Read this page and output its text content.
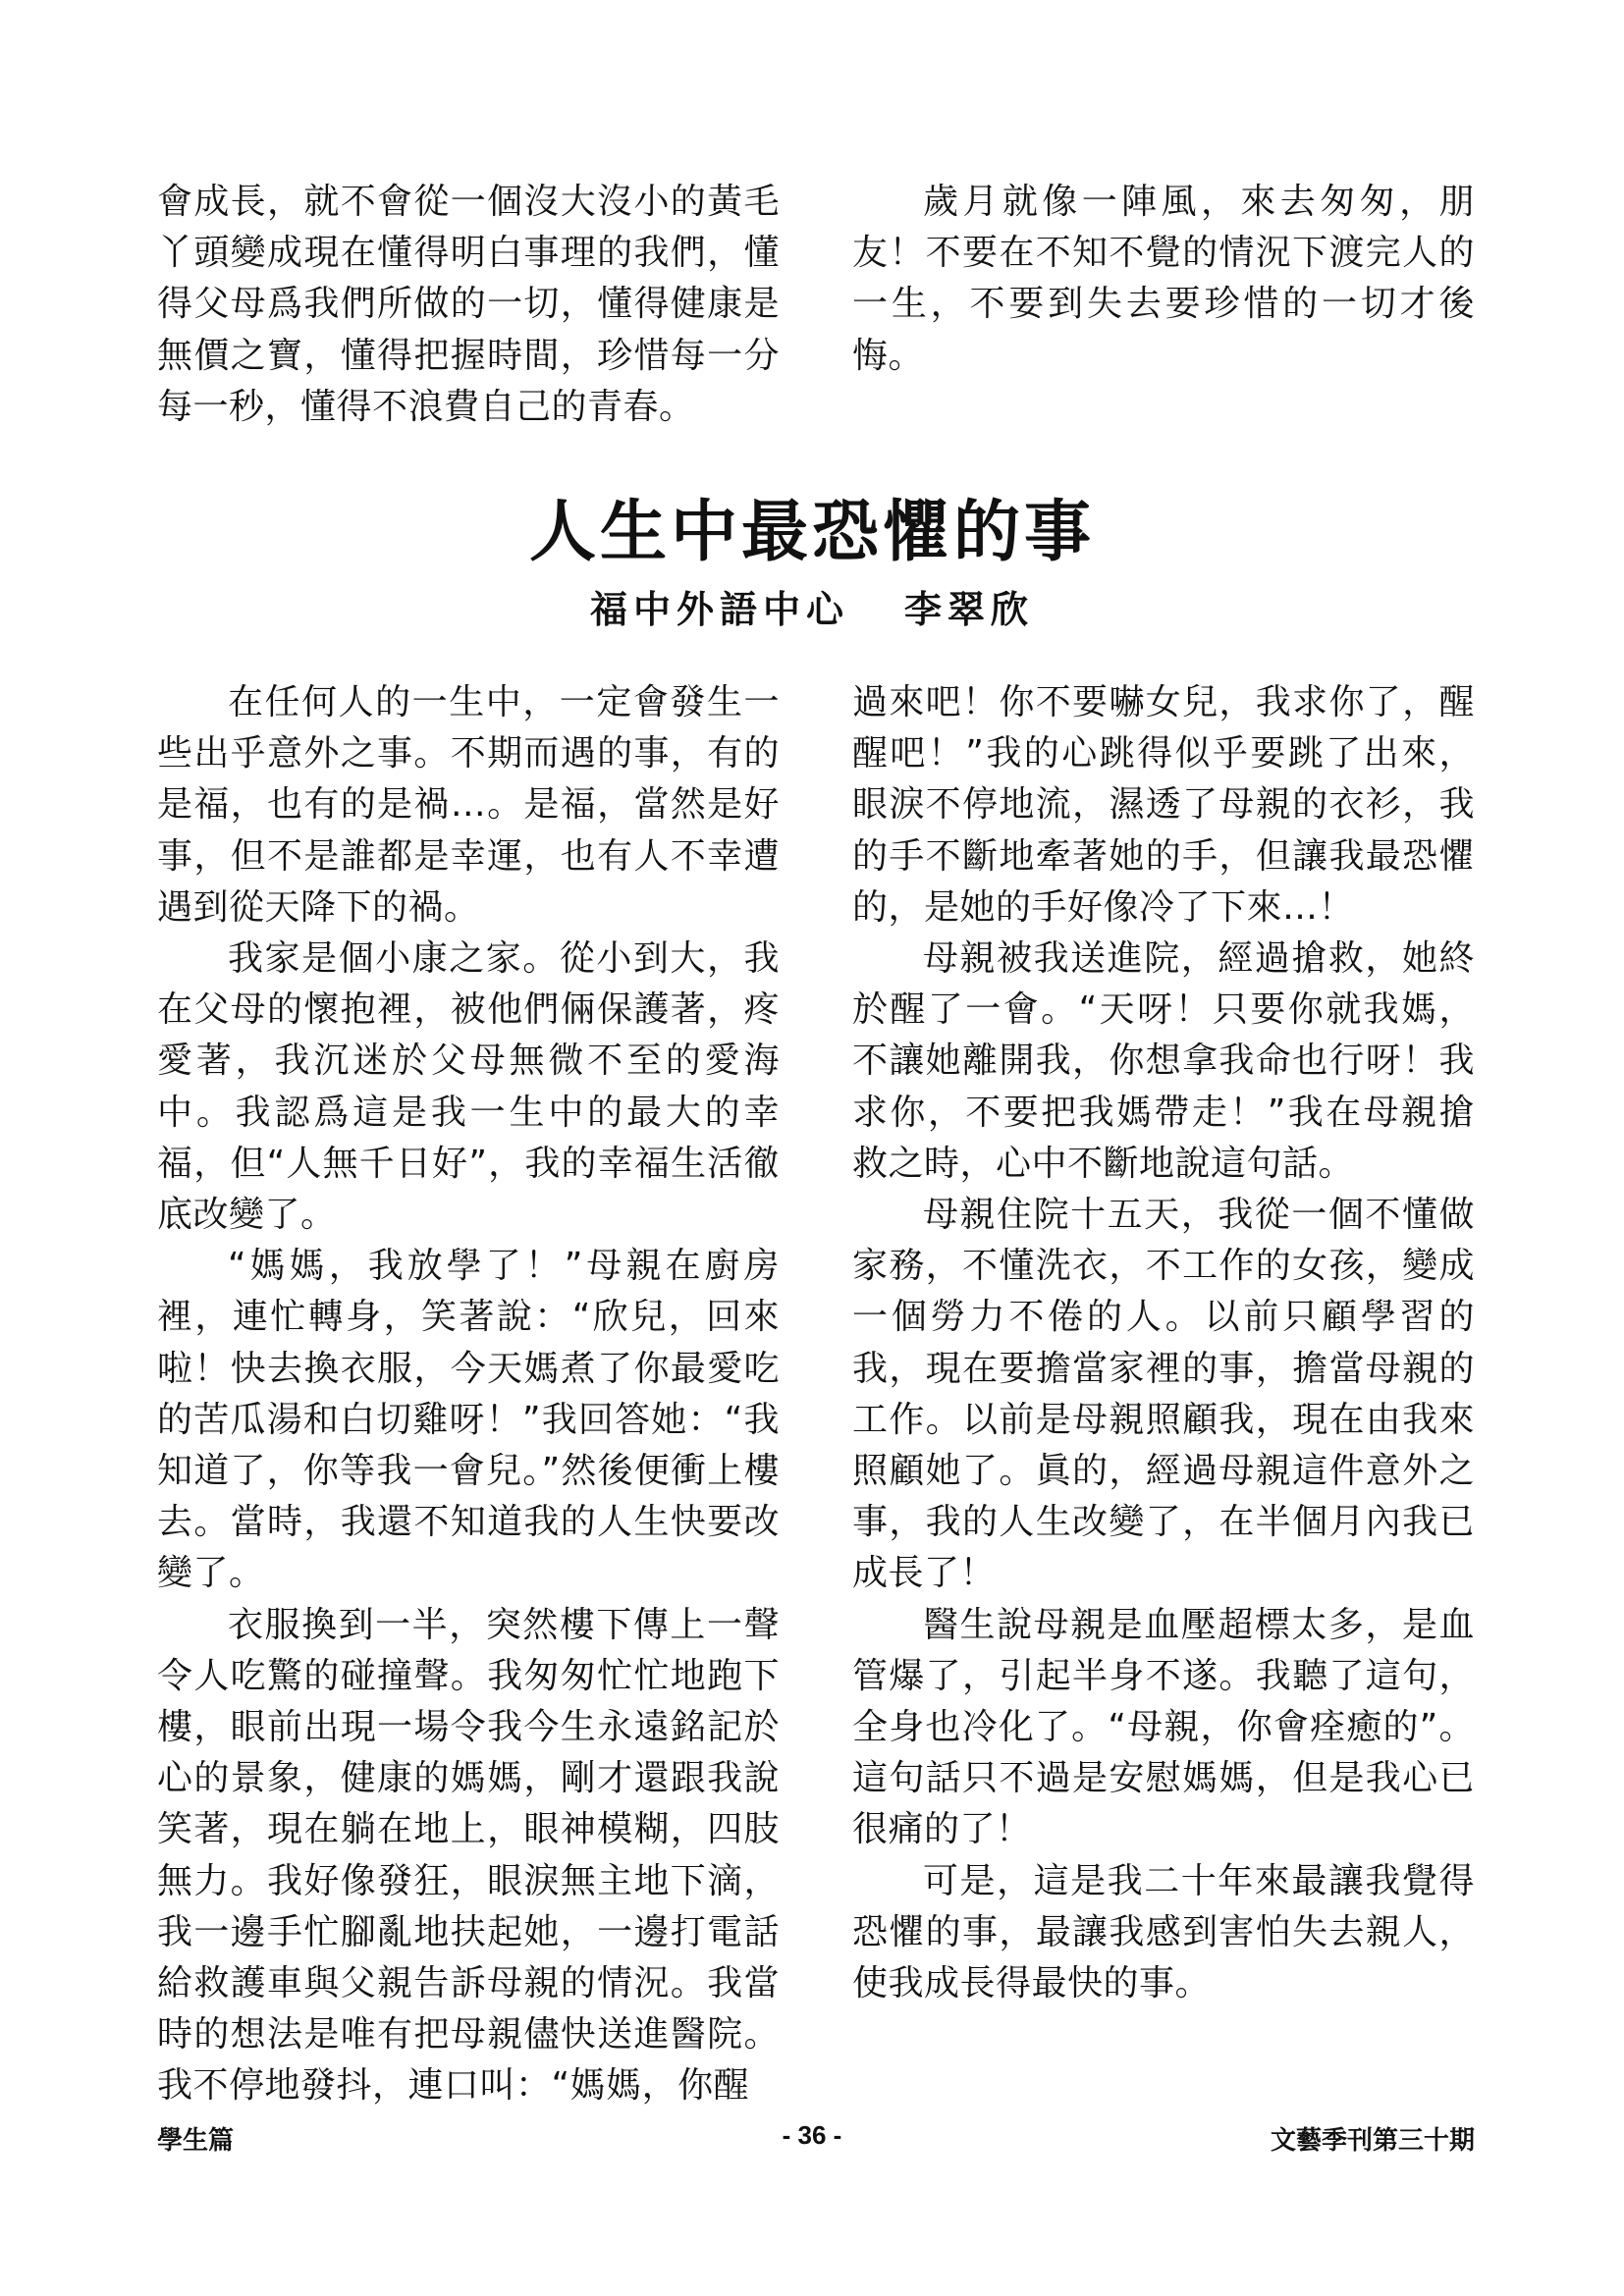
會成長，就不會從一個沒大沒小的黃毛丫頭變成現在懂得明白事理的我們，懂得父母爲我們所做的一切，懂得健康是無價之寶，懂得把握時間，珍惜每一分每一秒，懂得不浪費自己的青春。

歲月就像一陣風，來去匆匆，朋友！不要在不知不覺的情況下渡完人的一生，不要到失去要珍惜的一切才後悔。

人生中最恐懼的事
福中外語中心 李翠欣

在任何人的一生中，一定會發生一些出乎意外之事。不期而遇的事，有的是福，也有的是禍…。是福，當然是好事，但不是誰都是幸運，也有人不幸遭遇到從天降下的禍。

我家是個小康之家。從小到大，我在父母的懷抱裡，被他們倆保護著，疼愛著，我沉迷於父母無微不至的愛海中。我認爲這是我一生中的最大的幸福，但“人無千日好”，我的幸福生活徹底改變了。

“媽媽，我放學了！”母親在廚房裡，連忙轉身，笑著說：“欣兒，回來啦！快去換衣服，今天媽煮了你最愛吃的苦瓜湯和白切雞呀！”我回答她：“我知道了，你等我一會兒。”然後便衝上樓去。當時，我還不知道我的人生快要改變了。

衣服換到一半，突然樓下傳上一聲令人吃驚的碰撞聲。我匆匆忙忙地跑下樓，眼前出現一場令我今生永遠銘記於心的景象，健康的媽媽，剛才還跟我說笑著，現在躺在地上，眼神模糊，四肢無力。我好像發狂，眼淚無主地下滴，我一邊手忙腳亂地扶起她，一邊打電話給救護車與父親告訴母親的情況。我當時的想法是唯有把母親儘快送進醫院。我不停地發抖，連口叫：“媽媽，你醒

過來吧！你不要嚇女兒，我求你了，醒醒吧！”我的心跳得似乎要跳了出來，眼淚不停地流，濕透了母親的衣衫，我的手不斷地牽著她的手，但讓我最恐懼的，是她的手好像冷了下來…！

母親被我送進院，經過搶救，她終於醒了一會。“天呀！只要你就我媽，不讓她離開我，你想拿我命也行呀！我求你，不要把我媽帶走！”我在母親搶救之時，心中不斷地說這句話。

母親住院十五天，我從一個不懂做家務，不懂洗衣，不工作的女孩，變成一個勞力不倦的人。以前只顧學習的我，現在要擔當家裡的事，擔當母親的工作。以前是母親照顧我，現在由我來照顧她了。眞的，經過母親這件意外之事，我的人生改變了，在半個月內我已成長了！

醫生說母親是血壓超標太多，是血管爆了，引起半身不遂。我聽了這句，全身也冷化了。“母親，你會痊癒的”。這句話只不過是安慰媽媽，但是我心已很痛的了！

可是，這是我二十年來最讓我覺得恐懼的事，最讓我感到害怕失去親人，使我成長得最快的事。

學生篇	- 36 -	文藝季刊第三十期
